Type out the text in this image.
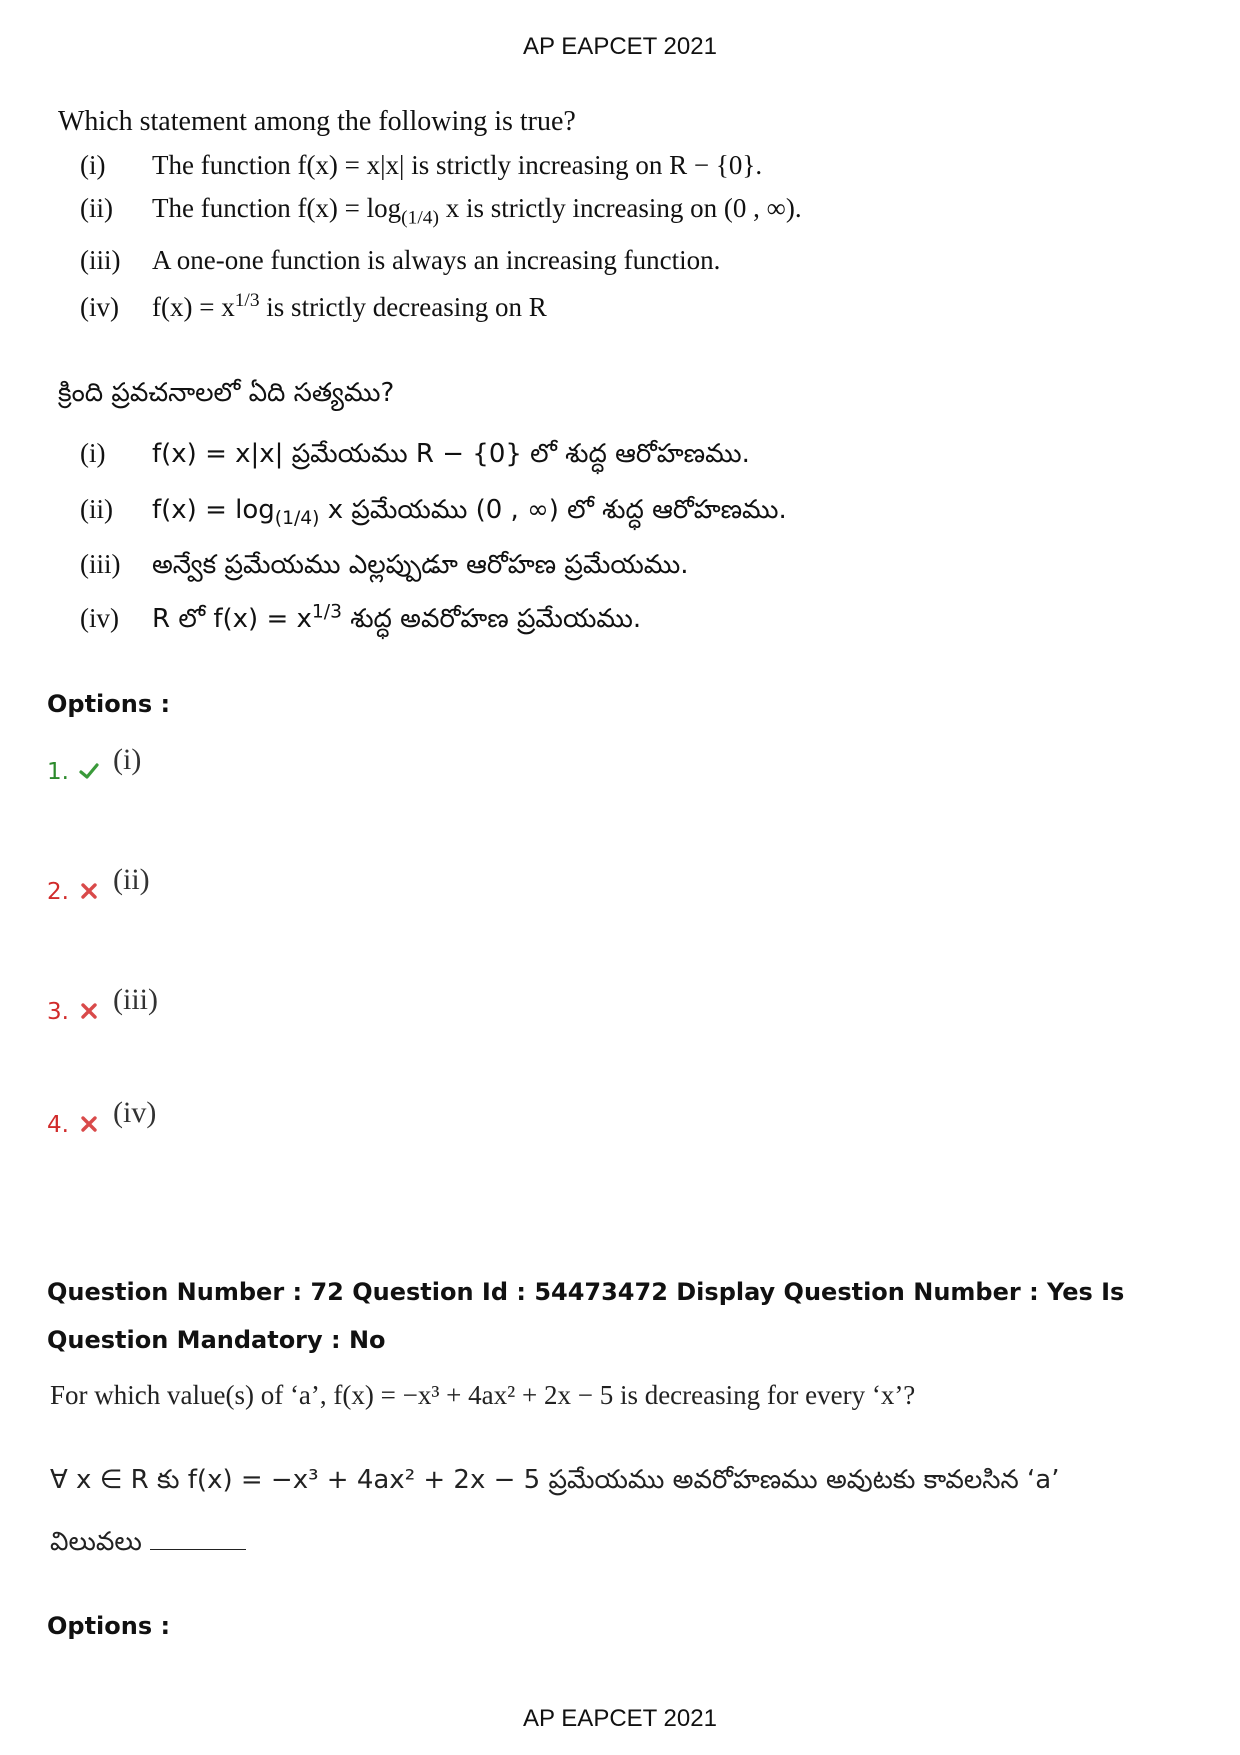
AP EAPCET 2021
Which statement among the following is true?
(i) The function f(x) = x|x| is strictly increasing on R − {0}.
(ii) The function $f(x) = \log_{(1/4)} x$ is strictly increasing on (0 , ∞).
(iii) A one-one function is always an increasing function.
(iv) $f(x) = x^{1/3}$ is strictly decreasing on R
క్రింది ప్రవచనాలలో ఏది సత్యము?
(i) f(x) = x|x| ప్రమేయము R − {0} లో శుద్ధ ఆరోహణము.
(ii) $f(x) = \log_{(1/4)} x$ ప్రమేయము (0 , ∞) లో శుద్ధ ఆరోహణము.
(iii) అన్వేక ప్రమేయము ఎల్లప్పుడూ ఆరోహణ ప్రమేయము.
(iv) R లో $f(x) = x^{1/3}$ శుద్ధ అవరోహణ ప్రమేయము.
Options :
1. (i)
2. (ii)
3. (iii)
4. (iv)
Question Number : 72 Question Id : 54473472 Display Question Number : Yes Is Question Mandatory : No
For which value(s) of ‘a’, f(x) = −x³ + 4ax² + 2x − 5 is decreasing for every ‘x’?
∀ x ∈ R కు f(x) = −x³ + 4ax² + 2x − 5 ప్రమేయము అవరోహణము అవుటకు కావలసిన ‘a’
విలువలు
Options :
AP EAPCET 2021
